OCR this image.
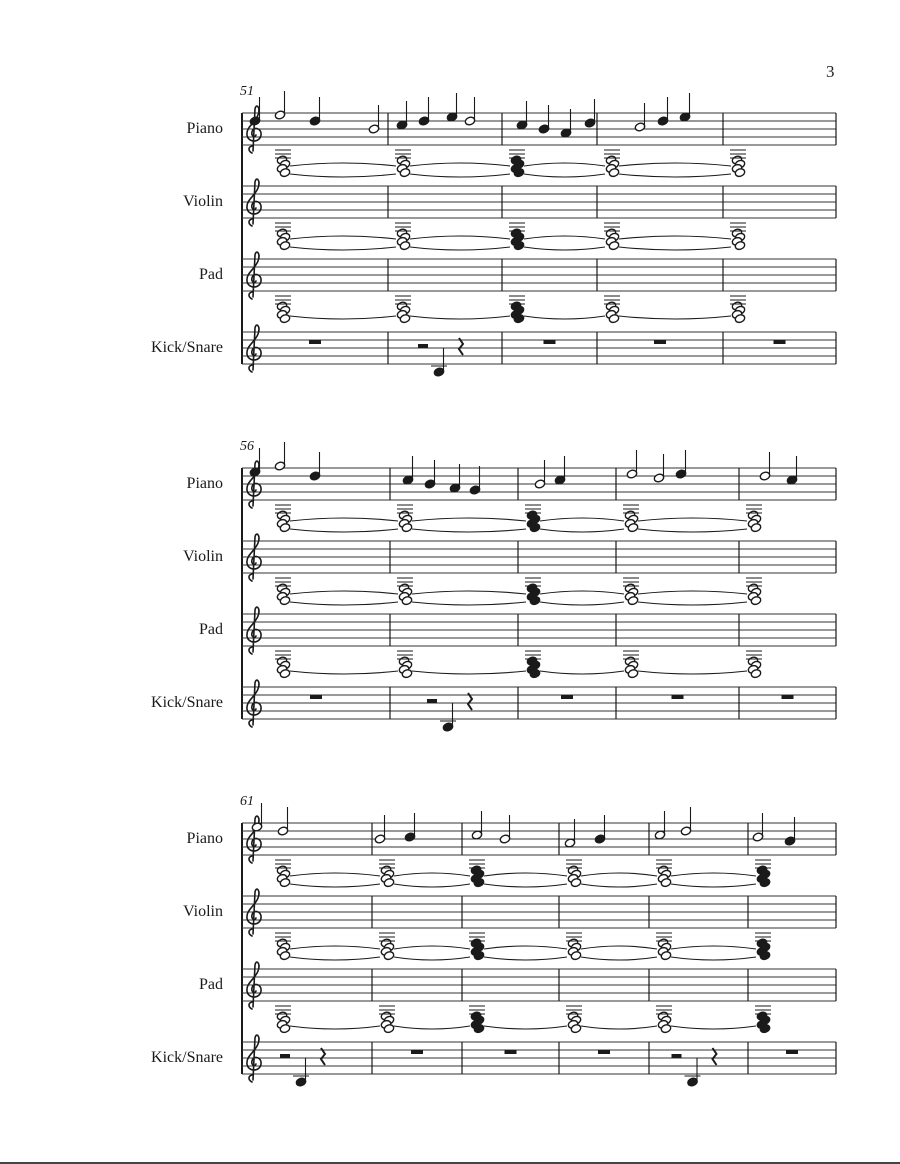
3
51
Piano
Violin
Pad
Kick/Snare
56
Piano
Violin
Pad
Kick/Snare
61
Piano
Violin
Pad
Kick/Snare
